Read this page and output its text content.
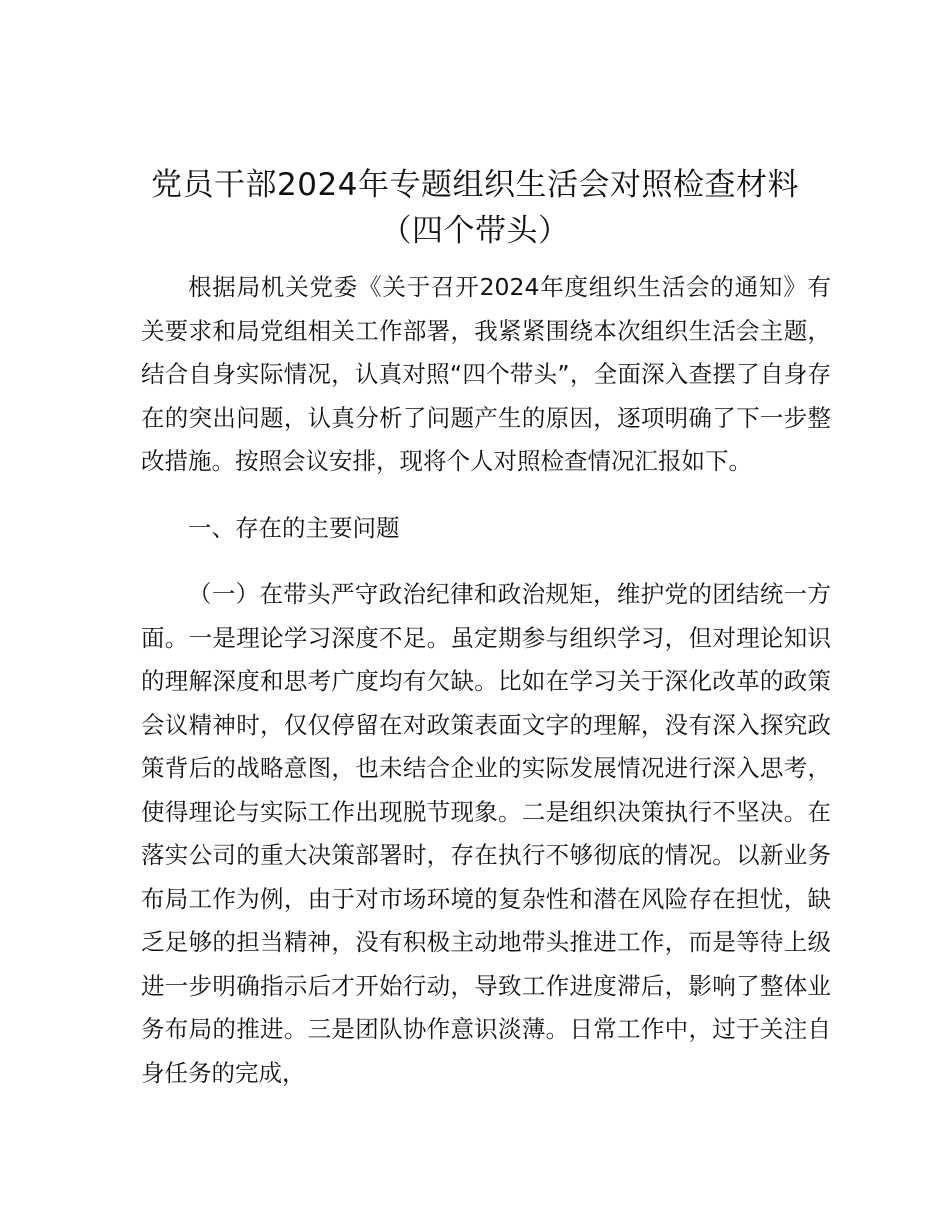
党员干部2024年专题组织生活会对照检查材料（四个带头）

根据局机关党委《关于召开2024年度组织生活会的通知》有关要求和局党组相关工作部署，我紧紧围绕本次组织生活会主题，结合自身实际情况，认真对照“四个带头”，全面深入查摆了自身存在的突出问题，认真分析了问题产生的原因，逐项明确了下一步整改措施。按照会议安排，现将个人对照检查情况汇报如下。

一、存在的主要问题

（一）在带头严守政治纪律和政治规矩，维护党的团结统一方面。一是理论学习深度不足。虽定期参与组织学习，但对理论知识的理解深度和思考广度均有欠缺。比如在学习关于深化改革的政策会议精神时，仅仅停留在对政策表面文字的理解，没有深入探究政策背后的战略意图，也未结合企业的实际发展情况进行深入思考，使得理论与实际工作出现脱节现象。二是组织决策执行不坚决。在落实公司的重大决策部署时，存在执行不够彻底的情况。以新业务布局工作为例，由于对市场环境的复杂性和潜在风险存在担忧，缺乏足够的担当精神，没有积极主动地带头推进工作，而是等待上级进一步明确指示后才开始行动，导致工作进度滞后，影响了整体业务布局的推进。三是团队协作意识淡薄。日常工作中，过于关注自身任务的完成，
